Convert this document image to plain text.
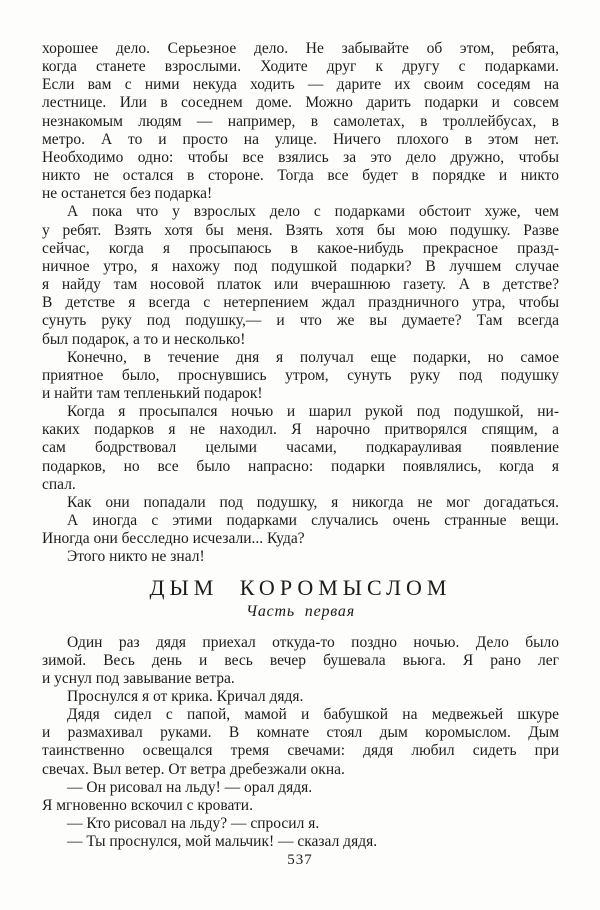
хорошее дело. Серьезное дело. Не забывайте об этом, ребята,
когда станете взрослыми. Ходите друг к другу с подарками.
Если вам с ними некуда ходить — дарите их своим соседям на
лестнице. Или в соседнем доме. Можно дарить подарки и совсем
незнакомым людям — например, в самолетах, в троллейбусах, в
метро. А то и просто на улице. Ничего плохого в этом нет.
Необходимо одно: чтобы все взялись за это дело дружно, чтобы
никто не остался в стороне. Тогда все будет в порядке и никто
не останется без подарка!
А пока что у взрослых дело с подарками обстоит хуже, чем
у ребят. Взять хотя бы меня. Взять хотя бы мою подушку. Разве
сейчас, когда я просыпаюсь в какое-нибудь прекрасное празд-
ничное утро, я нахожу под подушкой подарки? В лучшем случае
я найду там носовой платок или вчерашнюю газету. А в детстве?
В детстве я всегда с нетерпением ждал праздничного утра, чтобы
сунуть руку под подушку,— и что же вы думаете? Там всегда
был подарок, а то и несколько!
Конечно, в течение дня я получал еще подарки, но самое
приятное было, проснувшись утром, сунуть руку под подушку
и найти там тепленький подарок!
Когда я просыпался ночью и шарил рукой под подушкой, ни-
каких подарков я не находил. Я нарочно притворялся спящим, а
сам бодрствовал целыми часами, подкарауливая появление
подарков, но все было напрасно: подарки появлялись, когда я
спал.
Как они попадали под подушку, я никогда не мог догадаться.
А иногда с этими подарками случались очень странные вещи.
Иногда они бесследно исчезали... Куда?
Этого никто не знал!
ДЫМ КОРОМЫСЛОМ
Часть первая
Один раз дядя приехал откуда-то поздно ночью. Дело было
зимой. Весь день и весь вечер бушевала вьюга. Я рано лег
и уснул под завывание ветра.
Проснулся я от крика. Кричал дядя.
Дядя сидел с папой, мамой и бабушкой на медвежьей шкуре
и размахивал руками. В комнате стоял дым коромыслом. Дым
таинственно освещался тремя свечами: дядя любил сидеть при
свечах. Выл ветер. От ветра дребезжали окна.
— Он рисовал на льду! — орал дядя.
Я мгновенно вскочил с кровати.
— Кто рисовал на льду? — спросил я.
— Ты проснулся, мой мальчик! — сказал дядя.
537
